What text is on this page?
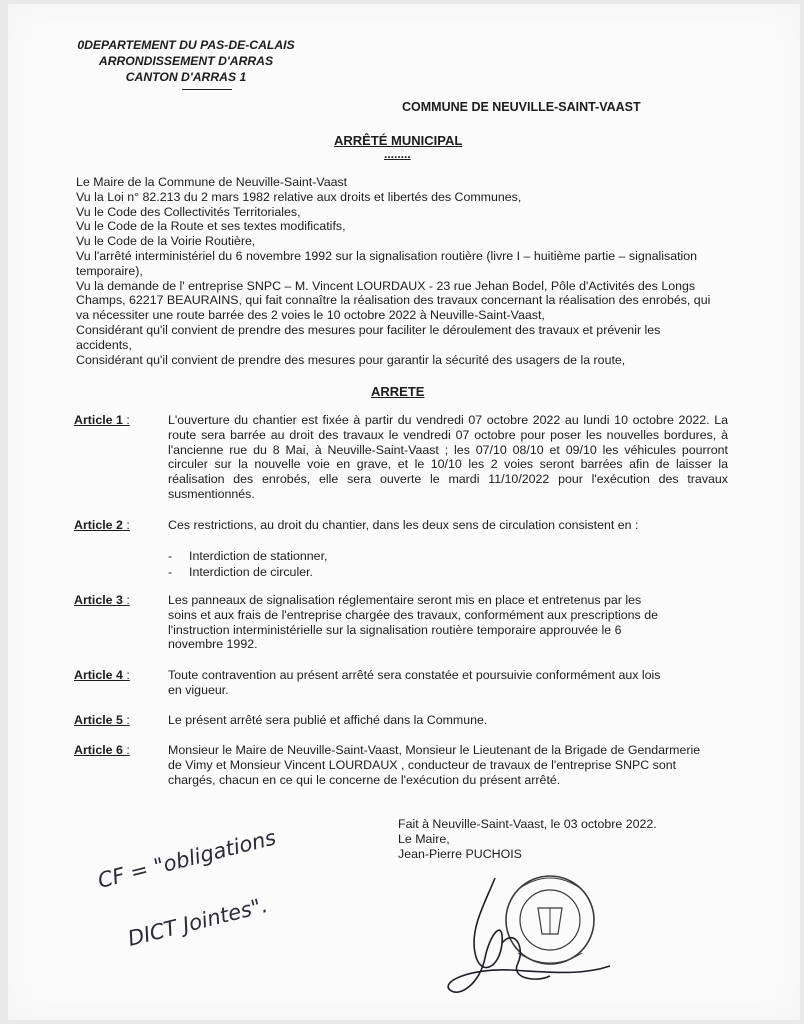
0DEPARTEMENT DU PAS-DE-CALAIS
ARRONDISSEMENT D'ARRAS
CANTON D'ARRAS 1
COMMUNE DE NEUVILLE-SAINT-VAAST
ARRÊTÉ MUNICIPAL
........
Le Maire de la Commune de Neuville-Saint-Vaast
Vu la Loi n° 82.213 du 2 mars 1982 relative aux droits et libertés des Communes,
Vu le Code des Collectivités Territoriales,
Vu le Code de la Route et ses textes modificatifs,
Vu le Code de la Voirie Routière,
Vu l'arrêté interministériel du 6 novembre 1992 sur la signalisation routière (livre I – huitième partie – signalisation temporaire),
Vu la demande de l' entreprise SNPC – M. Vincent LOURDAUX - 23 rue Jehan Bodel, Pôle d'Activités des Longs Champs, 62217 BEAURAINS, qui fait connaître la réalisation des travaux concernant la réalisation des enrobés, qui va nécessiter une route barrée des 2 voies le 10 octobre 2022 à Neuville-Saint-Vaast,
Considérant qu'il convient de prendre des mesures pour faciliter le déroulement des travaux et prévenir les accidents,
Considérant qu'il convient de prendre des mesures pour garantir la sécurité des usagers de la route,
ARRETE
Article 1 :	L'ouverture du chantier est fixée à partir du vendredi 07 octobre 2022 au lundi 10 octobre 2022. La route sera barrée au droit des travaux le vendredi 07 octobre pour poser les nouvelles bordures, à l'ancienne rue du 8 Mai, à Neuville-Saint-Vaast ; les 07/10 08/10 et 09/10 les véhicules pourront circuler sur la nouvelle voie en grave, et le 10/10 les 2 voies seront barrées afin de laisser la réalisation des enrobés, elle sera ouverte le mardi 11/10/2022 pour l'exécution des travaux susmentionnés.
Article 2 :	Ces restrictions, au droit du chantier, dans les deux sens de circulation consistent en :
- Interdiction de stationner,
- Interdiction de circuler.
Article 3 :	Les panneaux de signalisation réglementaire seront mis en place et entretenus par les soins et aux frais de l'entreprise chargée des travaux, conformément aux prescriptions de l'instruction interministérielle sur la signalisation routière temporaire approuvée le 6 novembre 1992.
Article 4 :	Toute contravention au présent arrêté sera constatée et poursuivie conformément aux lois en vigueur.
Article 5 :	Le présent arrêté sera publié et affiché dans la Commune.
Article 6 :	Monsieur le Maire de Neuville-Saint-Vaast, Monsieur le Lieutenant de la Brigade de Gendarmerie de Vimy et Monsieur Vincent LOURDAUX , conducteur de travaux de l'entreprise SNPC sont chargés, chacun en ce qui le concerne de l'exécution du présent arrêté.
Fait à Neuville-Saint-Vaast, le 03 octobre 2022.
Le Maire,
Jean-Pierre PUCHOIS
CF = "obligations
DICT Jointes".
